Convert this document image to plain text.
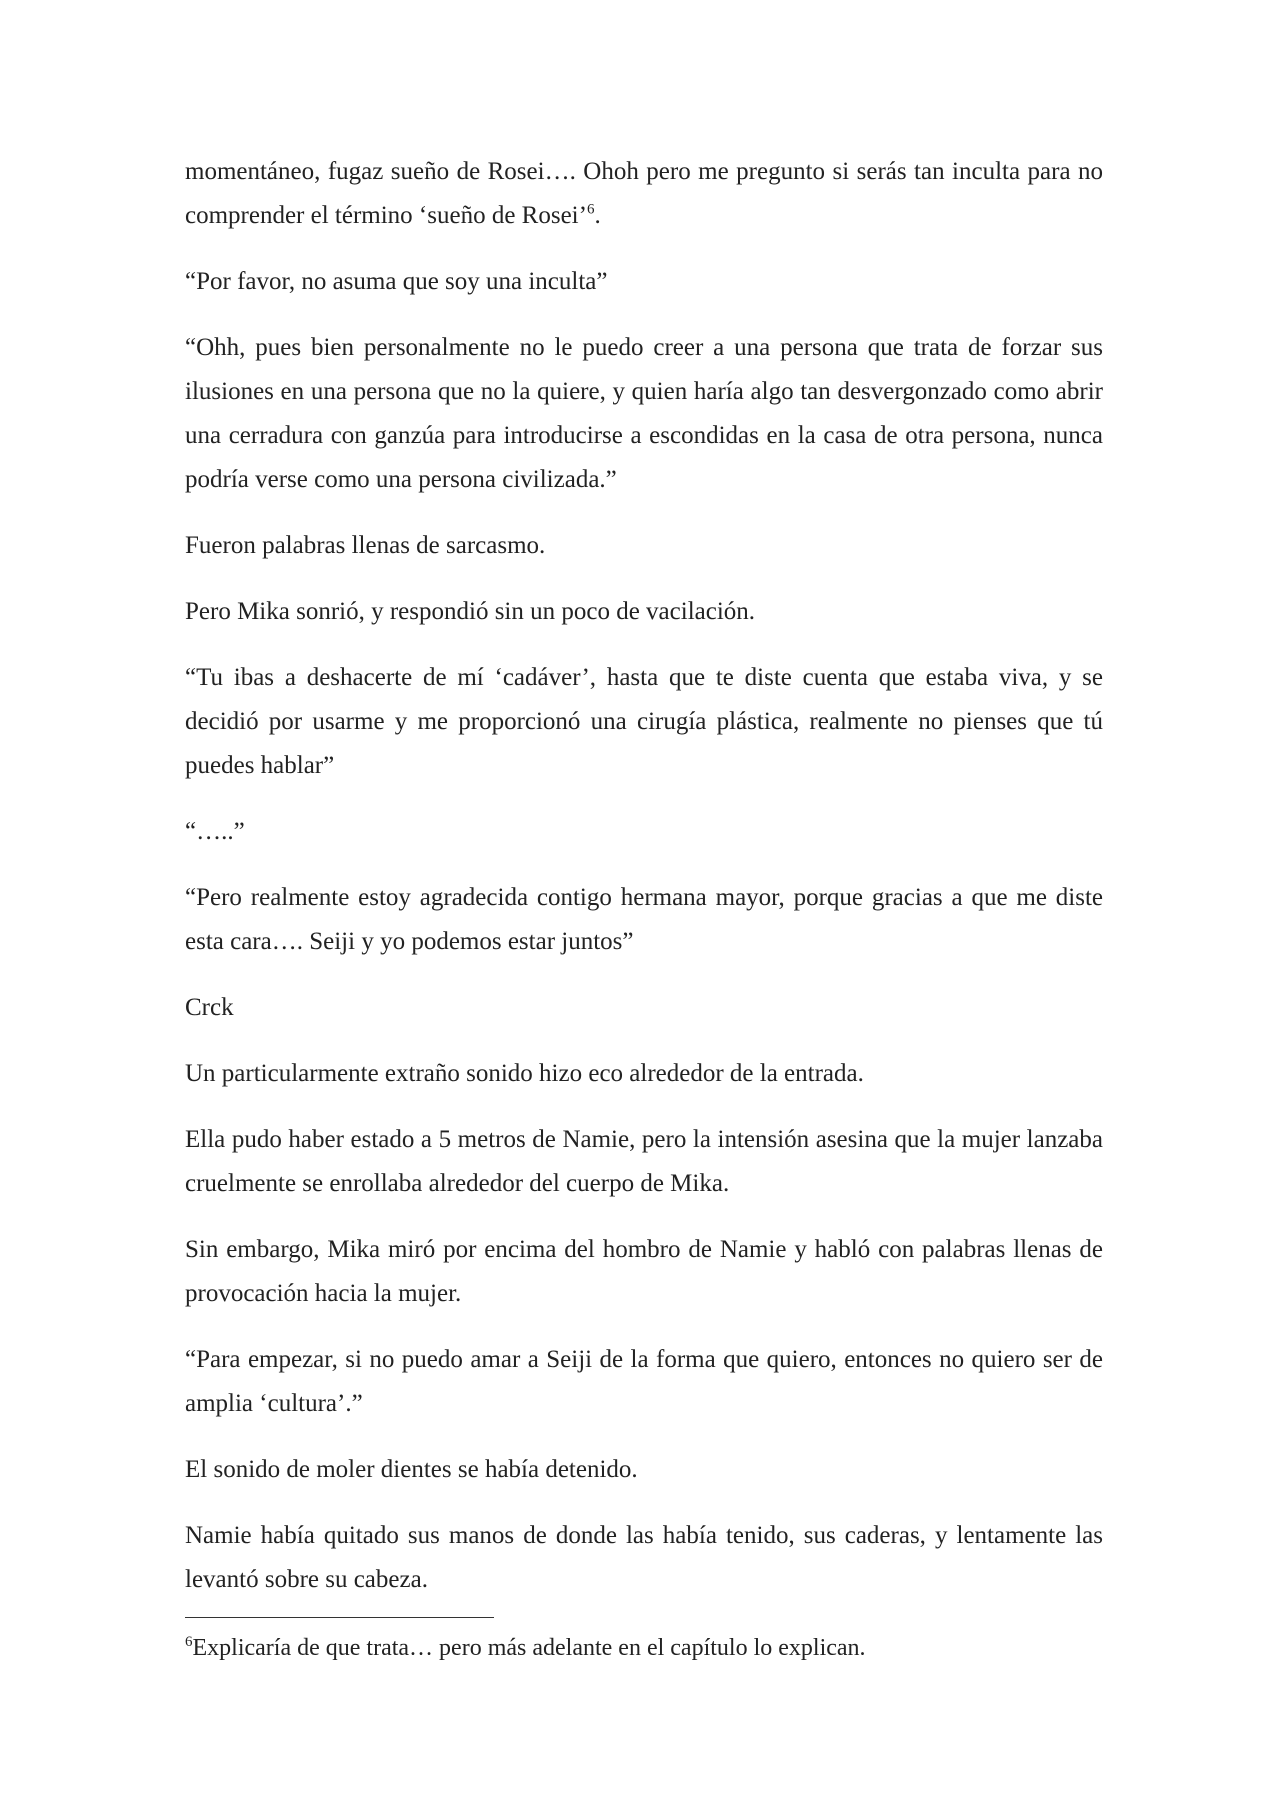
momentáneo, fugaz sueño de Rosei…. Ohoh pero me pregunto si serás tan inculta para no comprender el término ‘sueño de Rosei’$^6$.

“Por favor, no asuma que soy una inculta”

“Ohh, pues bien personalmente no le puedo creer a una persona que trata de forzar sus ilusiones en una persona que no la quiere, y quien haría algo tan desvergonzado como abrir una cerradura con ganzúa para introducirse a escondidas en la casa de otra persona, nunca podría verse como una persona civilizada.”

Fueron palabras llenas de sarcasmo.

Pero Mika sonrió, y respondió sin un poco de vacilación.

“Tu ibas a deshacerte de mí ‘cadáver’, hasta que te diste cuenta que estaba viva, y se decidió por usarme y me proporcionó una cirugía plástica, realmente no pienses que tú puedes hablar”

“…..”

“Pero realmente estoy agradecida contigo hermana mayor, porque gracias a que me diste esta cara…. Seiji y yo podemos estar juntos”

Crck

Un particularmente extraño sonido hizo eco alrededor de la entrada.

Ella pudo haber estado a 5 metros de Namie, pero la intensión asesina que la mujer lanzaba cruelmente se enrollaba alrededor del cuerpo de Mika.

Sin embargo, Mika miró por encima del hombro de Namie y habló con palabras llenas de provocación hacia la mujer.

“Para empezar, si no puedo amar a Seiji de la forma que quiero, entonces no quiero ser de amplia ‘cultura’.”

El sonido de moler dientes se había detenido.

Namie había quitado sus manos de donde las había tenido, sus caderas, y lentamente las levantó sobre su cabeza.

$^6$Explicaría de que trata… pero más adelante en el capítulo lo explican.
